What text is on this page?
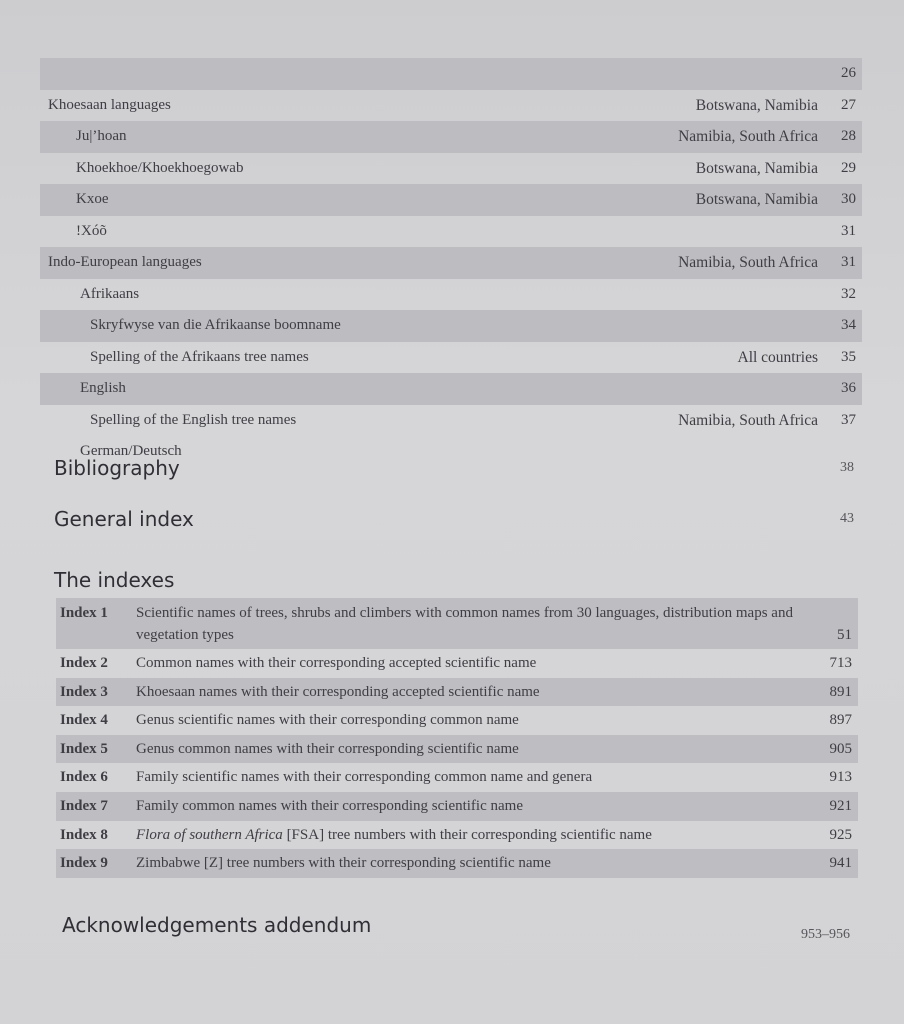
26
Khoesaan languages	Botswana, Namibia	27
Ju|’hoan	Namibia, South Africa	28
Khoekhoe/Khoekhoegowab	Botswana, Namibia	29
Kxoe	Botswana, Namibia	30
!Xóõ	31
Indo-European languages	Namibia, South Africa	31
Afrikaans	32
Skryfwyse van die Afrikaanse boomname	34
Spelling of the Afrikaans tree names	All countries	35
English	36
Spelling of the English tree names	Namibia, South Africa	37
German/Deutsch
Bibliography	38
General index	43
The indexes
Index 1 Scientific names of trees, shrubs and climbers with common names from 30 languages, distribution maps and vegetation types	51
Index 2 Common names with their corresponding accepted scientific name	713
Index 3 Khoesaan names with their corresponding accepted scientific name	891
Index 4 Genus scientific names with their corresponding common name	897
Index 5 Genus common names with their corresponding scientific name	905
Index 6 Family scientific names with their corresponding common name and genera	913
Index 7 Family common names with their corresponding scientific name	921
Index 8 Flora of southern Africa [FSA] tree numbers with their corresponding scientific name	925
Index 9 Zimbabwe [Z] tree numbers with their corresponding scientific name	941
Acknowledgements addendum	953–956
